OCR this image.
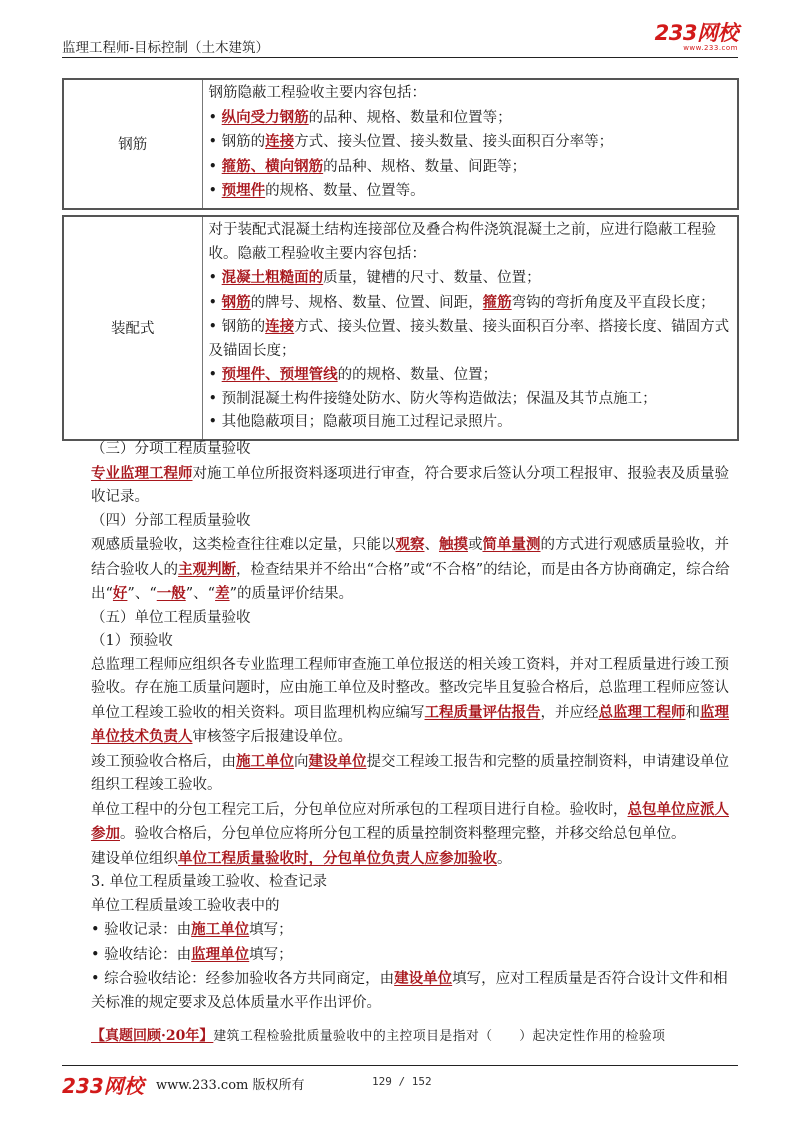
监理工程师-目标控制（土木建筑）
233网校
www.233.com
钢筋	
钢筋隐蔽工程验收主要内容包括：
• 纵向受力钢筋的品种、规格、数量和位置等；
• 钢筋的连接方式、接头位置、接头数量、接头面积百分率等；
• 箍筋、横向钢筋的品种、规格、数量、间距等；
• 预埋件的规格、数量、位置等。
装配式	
对于装配式混凝土结构连接部位及叠合构件浇筑混凝土之前，应进行隐蔽工程验收。隐蔽工程验收主要内容包括：
• 混凝土粗糙面的质量，键槽的尺寸、数量、位置；
• 钢筋的牌号、规格、数量、位置、间距，箍筋弯钩的弯折角度及平直段长度；
• 钢筋的连接方式、接头位置、接头数量、接头面积百分率、搭接长度、锚固方式及锚固长度；
• 预埋件、预埋管线的的规格、数量、位置；
• 预制混凝土构件接缝处防水、防火等构造做法；保温及其节点施工；
• 其他隐蔽项目；隐蔽项目施工过程记录照片。
（三）分项工程质量验收
专业监理工程师对施工单位所报资料逐项进行审查，符合要求后签认分项工程报审、报验表及质量验收记录。
（四）分部工程质量验收
观感质量验收，这类检查往往难以定量，只能以观察、触摸或简单量测的方式进行观感质量验收，并结合验收人的主观判断，检查结果并不给出“合格”或“不合格”的结论，而是由各方协商确定，综合给出“好”、“一般”、“差”的质量评价结果。
（五）单位工程质量验收
（1）预验收
总监理工程师应组织各专业监理工程师审查施工单位报送的相关竣工资料，并对工程质量进行竣工预验收。存在施工质量问题时，应由施工单位及时整改。整改完毕且复验合格后，总监理工程师应签认单位工程竣工验收的相关资料。项目监理机构应编写工程质量评估报告，并应经总监理工程师和监理单位技术负责人审核签字后报建设单位。
竣工预验收合格后，由施工单位向建设单位提交工程竣工报告和完整的质量控制资料，申请建设单位组织工程竣工验收。
单位工程中的分包工程完工后，分包单位应对所承包的工程项目进行自检。验收时，总包单位应派人参加。验收合格后，分包单位应将所分包工程的质量控制资料整理完整，并移交给总包单位。
建设单位组织单位工程质量验收时，分包单位负责人应参加验收。
3. 单位工程质量竣工验收、检查记录
单位工程质量竣工验收表中的
• 验收记录：由施工单位填写；
• 验收结论：由监理单位填写；
• 综合验收结论：经参加验收各方共同商定，由建设单位填写，应对工程质量是否符合设计文件和相关标准的规定要求及总体质量水平作出评价。
【真题回顾·20年】建筑工程检验批质量验收中的主控项目是指对（　　）起决定性作用的检验项
233网校 www.233.com 版权所有	129 / 152
